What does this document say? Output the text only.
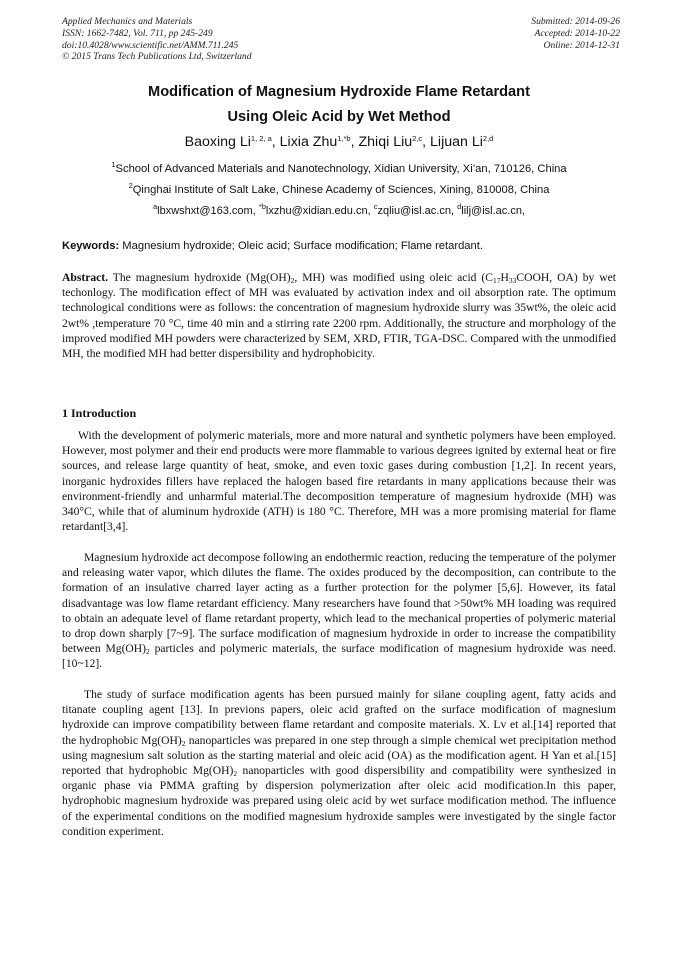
Applied Mechanics and Materials
ISSN: 1662-7482, Vol. 711, pp 245-249
doi:10.4028/www.scientific.net/AMM.711.245
© 2015 Trans Tech Publications Ltd, Switzerland
Submitted: 2014-09-26
Accepted: 2014-10-22
Online: 2014-12-31
Modification of Magnesium Hydroxide Flame Retardant
Using Oleic Acid by Wet Method
Baoxing Li$^{1, 2, a}$, Lixia Zhu$^{1,*b}$, Zhiqi Liu$^{2,c}$, Lijuan Li$^{2,d}$
$^1$School of Advanced Materials and Nanotechnology, Xidian University, Xi’an, 710126, China
$^2$Qinghai Institute of Salt Lake, Chinese Academy of Sciences, Xining, 810008, China
$^a$lbxwshxt@163.com, $^{*b}$lxzhu@xidian.edu.cn, $^c$zqliu@isl.ac.cn, $^d$lilj@isl.ac.cn,
Keywords: Magnesium hydroxide; Oleic acid; Surface modification; Flame retardant.
Abstract. The magnesium hydroxide ($Mg(OH)_2$, MH) was modified using oleic acid ($C_{17}H_{33}COOH$, OA) by wet techonlogy. The modification effect of MH was evaluated by activation index and oil absorption rate. The optimum technological conditions were as follows: the concentration of magnesium hydroxide slurry was 35wt%, the oleic acid 2wt% ,temperature 70 °C, time 40 min and a stirring rate 2200 rpm. Additionally, the structure and morphology of the improved modified MH powders were characterized by SEM, XRD, FTIR, TGA-DSC. Compared with the unmodified MH, the modified MH had better dispersibility and hydrophobicity.
1 Introduction
With the development of polymeric materials, more and more natural and synthetic polymers have been employed. However, most polymer and their end products were more flammable to various degrees ignited by external heat or fire sources, and release large quantity of heat, smoke, and even toxic gases during combustion [1,2]. In recent years, inorganic hydroxides fillers have replaced the halogen based fire retardants in many applications because their was environment-friendly and unharmful material.The decomposition temperature of magnesium hydroxide (MH) was 340°C, while that of aluminum hydroxide (ATH) is 180 °C. Therefore, MH was a more promising material for flame retardant[3,4].
Magnesium hydroxide act decompose following an endothermic reaction, reducing the temperature of the polymer and releasing water vapor, which dilutes the flame. The oxides produced by the decomposition, can contribute to the formation of an insulative charred layer acting as a further protection for the polymer [5,6]. However, its fatal disadvantage was low flame retardant efficiency. Many researchers have found that >50wt% MH loading was required to obtain an adequate level of flame retardant property, which lead to the mechanical properties of polymeric material to drop down sharply [7~9]. The surface modification of magnesium hydroxide in order to increase the compatibility between $Mg(OH)_2$ particles and polymeric materials, the surface modification of magnesium hydroxide was need. [10~12].
The study of surface modification agents has been pursued mainly for silane coupling agent, fatty acids and titanate coupling agent [13]. In previons papers, oleic acid grafted on the surface modification of magnesium hydroxide can improve compatibility between flame retardant and composite materials. X. Lv et al.[14] reported that the hydrophobic $Mg(OH)_2$ nanoparticles was prepared in one step through a simple chemical wet precipitation method using magnesium salt solution as the starting material and oleic acid (OA) as the modification agent. H Yan et al.[15] reported that hydrophobic $Mg(OH)_2$ nanoparticles with good dispersibility and compatibility were synthesized in organic phase via PMMA grafting by dispersion polymerization after oleic acid modification.In this paper, hydrophobic magnesium hydroxide was prepared using oleic acid by wet surface modification method. The influence of the experimental conditions on the modified magnesium hydroxide samples were investigated by the single factor condition experiment.
